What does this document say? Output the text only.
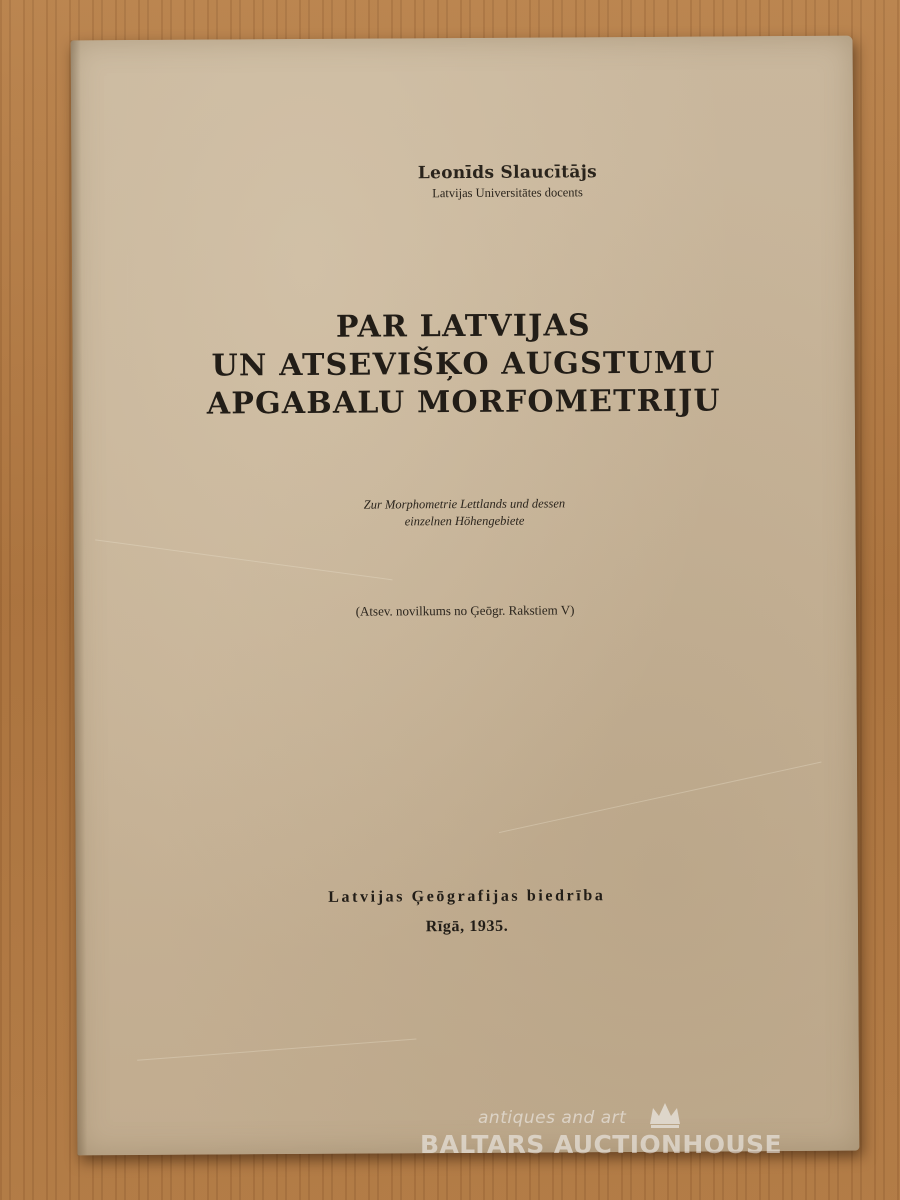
Leonīds Slaucītājs
Latvijas Universitātes docents
PAR LATVIJAS
UN ATSEVIŠĶO AUGSTUMU
APGABALU MORFOMETRIJU
Zur Morphometrie Lettlands und dessen
einzelnen Höhengebiete
(Atsev. novilkums no Ģeōgr. Rakstiem V)
Latvijas Ģeōgrafijas biedrība
Rīgā, 1935.
antiques and art
BALTARS AUCTIONHOUSE
